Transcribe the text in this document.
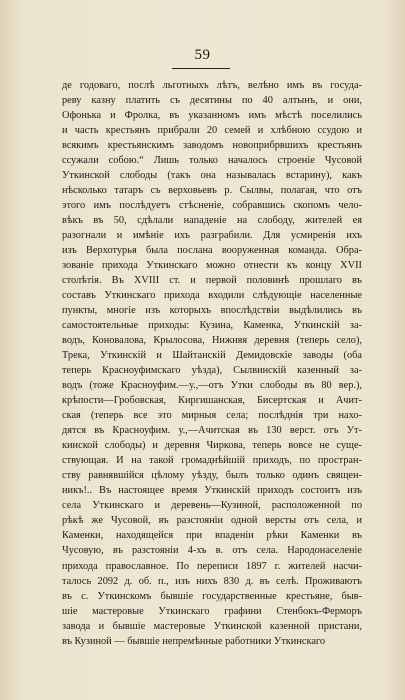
59
де годоваго, послѣ льготныхъ лѣтъ, велѣно имъ въ госуда-
реву казну платить съ десятины по 40 алтынъ, и они,
Офонька и Фролка, въ указанномъ имъ мѣстѣ поселились
и часть крестьянъ прибрали 20 семей и хлѣбною ссудою и
всякимъ крестьянскимъ заводомъ новоприбрвшихъ крестьянъ
ссужали собою.“ Лишь только началось строеніе Чусовой
Уткинской слободы (такъ она называлась встарину), какъ
нѣсколько татаръ съ верховьевъ р. Сылвы, полагая, что отъ
этого имъ послѣдуетъ стѣсненіе, собравшись скопомъ чело-
вѣкъ въ 50, сдѣлали нападеніе на слободу, жителей ея
разогнали и имѣніе ихъ разграбили. Для усмиренія ихъ
изъ Верхотурья была послана вооруженная команда. Обра-
зованіе прихода Уткинскаго можно отнести къ концу XVII
столѣтія. Въ XVIII ст. и первой половинѣ прошлаго въ
составъ Уткинскаго прихода входили слѣдующіе населенные
пункты, многіе изъ которыхъ впослѣдствіи выдѣлились въ
самостоятельные приходы: Кузина, Каменка, Уткинскій за-
водъ, Коновалова, Крылосова, Нижняя деревня (теперь село),
Трека, Уткинскій и Шайтанскій Демидовскіе заводы (оба
теперь Красноуфимскаго уѣзда), Сылвинскій казенный за-
водъ (тоже Красноуфим.—у.,—отъ Утки слободы въ 80 вер.),
крѣпости—Гробовская, Киргишанская, Бисертская и Ачит-
ская (теперь все это мирныя села; послѣднія три нахо-
дятся въ Красноуфим. у.,—Ачитская въ 130 верст. отъ Ут-
кинской слободы) и деревня Чиркова, теперь вовсе не суще-
ствующая. И на такой громаднѣйшій приходъ, по простран-
ству равнявшійся цѣлому уѣзду, былъ только одинъ священ-
никъ!.. Въ настоящее время Уткинскій приходъ состоитъ изъ
села Уткинскаго и деревень—Кузиной, расположенной по
рѣкѣ же Чусовой, въ разстояніи одной версты отъ села, и
Каменки, находящейся при впаденіи рѣки Каменки въ
Чусовую, въ разстояніи 4-хъ в. отъ села. Народонаселеніе
прихода православное. По переписи 1897 г. жителей насчи-
талось 2092 д. об. п., изъ нихъ 830 д. въ селѣ. Проживаютъ
въ с. Уткинскомъ бывшіе государственные крестьяне, быв-
шіе мастеровые Уткинскаго графини Стенбокъ-Ферморъ
завода и бывшіе мастеровые Уткинской казенной пристани,
въ Кузиной — бывшіе непремѣнные работники Уткинскаго
